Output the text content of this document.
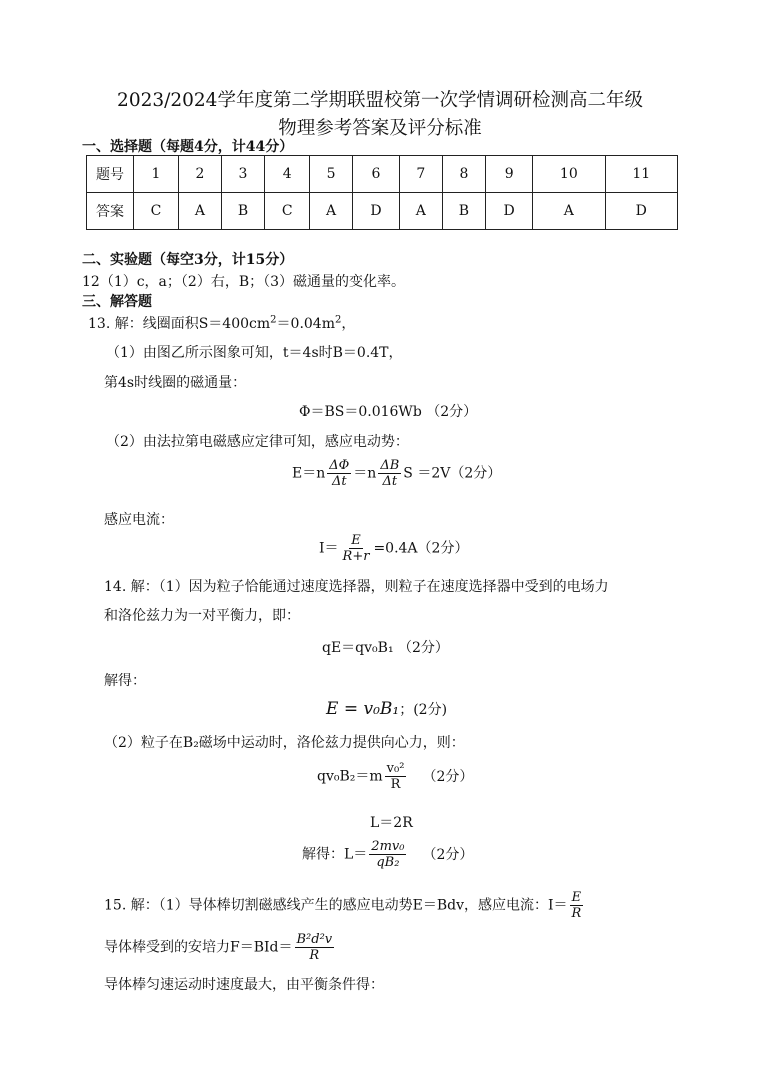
2023/2024学年度第二学期联盟校第一次学情调研检测高二年级
物理参考答案及评分标准
一、选择题（每题4分，计44分）
题号	1	2	3	4	5	6	7	8	9	10	11
答案	C	A	B	C	A	D	A	B	D	A	D
二、实验题（每空3分，计15分）
12（1）c，a；（2）右，B；（3）磁通量的变化率。
三、解答题
13. 解：线圈面积$S=400cm^2=0.04m^2$，
（1）由图乙所示图象可知，t＝4s时B＝0.4T，
第4s时线圈的磁通量：
Φ＝BS＝0.016Wb （2分）
（2）由法拉第电磁感应定律可知，感应电动势：
$E=n \frac{\Delta\Phi}{\Delta t} =n \frac{\Delta B}{\Delta t}$ S ＝2V（2分）
感应电流：
$I= \frac{E}{R+r} =0.4A(2$分）
14. 解：（1）因为粒子恰能通过速度选择器，则粒子在速度选择器中受到的电场力
和洛伦兹力为一对平衡力，即：
qE＝qv₀B₁ （2分）
解得：
E = v₀B₁；(2分)
（2）粒子在B₂磁场中运动时，洛伦兹力提供向心力，则：
$qv_0B_2=m \frac{\text{v₀²}}{R} (2$分）
L＝2R
解得：$L= \frac{\text{2mv₀}}{\text{qB₂}} (2$分）
15. 解：（1）导体棒切割磁感线产生的感应电动势E＝Bdv，感应电流：$I= \frac{E}{R}$
导体棒受到的安培力$F=BId= \frac{\text{B²d²v}}{R}$
导体棒匀速运动时速度最大，由平衡条件得：
